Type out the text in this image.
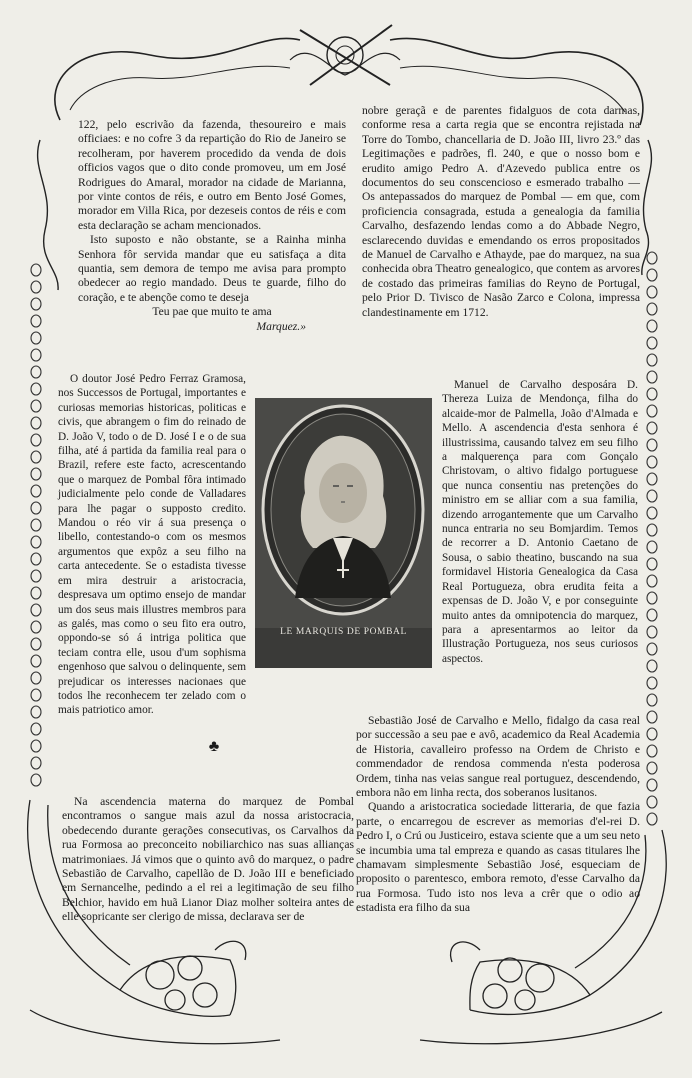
122, pelo escrivão da fazenda, thesoureiro e mais officiaes: e no cofre 3 da repartição do Rio de Janeiro se recolheram, por haverem procedido da venda de dois officios vagos que o dito conde promoveu, um em José Rodrigues do Amaral, morador na cidade de Marianna, por vinte contos de réis, e outro em Bento José Gomes, morador em Villa Rica, por dezeseis contos de réis e com esta declaração se acham mencionados.

Isto suposto e não obstante, se a Rainha minha Senhora fôr servida mandar que eu satisfaça a dita quantia, sem demora de tempo me avisa para prompto obedecer ao regio mandado. Deus te guarde, filho do coração, e te abençõe como te deseja

Teu pae que muito te ama

Marquez.»

O doutor José Pedro Ferraz Gramosa, nos Successos de Portugal, importantes e curiosas memorias historicas, politicas e civis, que abrangem o fim do reinado de D. João V, todo o de D. José I e o de sua filha, até á partida da familia real para o Brazil, refere este facto, acrescentando que o marquez de Pombal fôra intimado judicialmente pelo conde de Valladares para lhe pagar o supposto credito. Mandou o réo vir á sua presença o libello, contestando-o com os mesmos argumentos que expôz a seu filho na carta antecedente. Se o estadista tivesse em mira destruir a aristocracia, despresava um optimo ensejo de mandar um dos seus mais illustres membros para as galés, mas como o seu fito era outro, oppondo-se só á intriga politica que teciam contra elle, usou d'um sophisma engenhoso que salvou o delinquente, sem prejudicar os interesses nacionaes que todos lhe reconhecem ter zelado com o mais patriotico amor.

♣

Na ascendencia materna do marquez de Pombal encontramos o sangue mais azul da nossa aristocracia, obedecendo durante gerações consecutivas, os Carvalhos da rua Formosa ao preconceito nobiliarchico nas suas allianças matrimoniaes. Já vimos que o quinto avô do marquez, o padre Sebastião de Carvalho, capellão de D. João III e beneficiado em Sernancelhe, pedindo a el rei a legitimação de seu filho Belchior, havido em huã Lianor Diaz molher solteira antes de elle sopricante ser clerigo de missa, declarava ser de

nobre geraçã e de parentes fidalguos de cota darmas, conforme resa a carta regia que se encontra rejistada na Torre do Tombo, chancellaria de D. João III, livro 23.º das Legitimações e padrões, fl. 240, e que o nosso bom e erudito amigo Pedro A. d'Azevedo publica entre os documentos do seu conscencioso e esmerado trabalho — Os antepassados do marquez de Pombal — em que, com proficiencia consagrada, estuda a genealogia da familia Carvalho, desfazendo lendas como a do Abbade Negro, esclarecendo duvidas e emendando os erros propositados de Manuel de Carvalho e Athayde, pae do marquez, na sua conhecida obra Theatro genealogico, que contem as arvores de costado das primeiras familias do Reyno de Portugal, pelo Prior D. Tivisco de Nasão Zarco e Colona, impressa clandestinamente em 1712.

Manuel de Carvalho desposára D. Thereza Luiza de Mendonça, filha do alcaide-mor de Palmella, João d'Almada e Mello. A ascendencia d'esta senhora é illustrissima, causando talvez em seu filho a malquerença para com Gonçalo Christovam, o altivo fidalgo portuguese que nunca consentiu nas pretenções do ministro em se alliar com a sua familia, dizendo arrogantemente que um Carvalho nunca entraria no seu Bomjardim. Temos de recorrer a D. Antonio Caetano de Sousa, o sabio theatino, buscando na sua formidavel Historia Genealogica da Casa Real Portugueza, obra erudita feita a expensas de D. João V, e por conseguinte muito antes da omnipotencia do marquez, para a apresentarmos ao leitor da Illustração Portugueza, nos seus curiosos aspectos.

Sebastião José de Carvalho e Mello, fidalgo da casa real por successão a seu pae e avô, academico da Real Academia de Historia, cavalleiro professo na Ordem de Christo e commendador de rendosa commenda n'esta poderosa Ordem, tinha nas veias sangue real portuguez, descendendo, embora não em linha recta, dos soberanos lusitanos.

Quando a aristocratica sociedade litteraria, de que fazia parte, o encarregou de escrever as memorias d'el-rei D. Pedro I, o Crú ou Justiceiro, estava sciente que a um seu neto se incumbia uma tal empreza e quando as casas titulares lhe chamavam simplesmente Sebastião José, esqueciam de proposito o parentesco, embora remoto, d'esse Carvalho da rua Formosa. Tudo isto nos leva a crêr que o odio ao estadista era filho da sua

LE MARQUIS DE POMBAL
